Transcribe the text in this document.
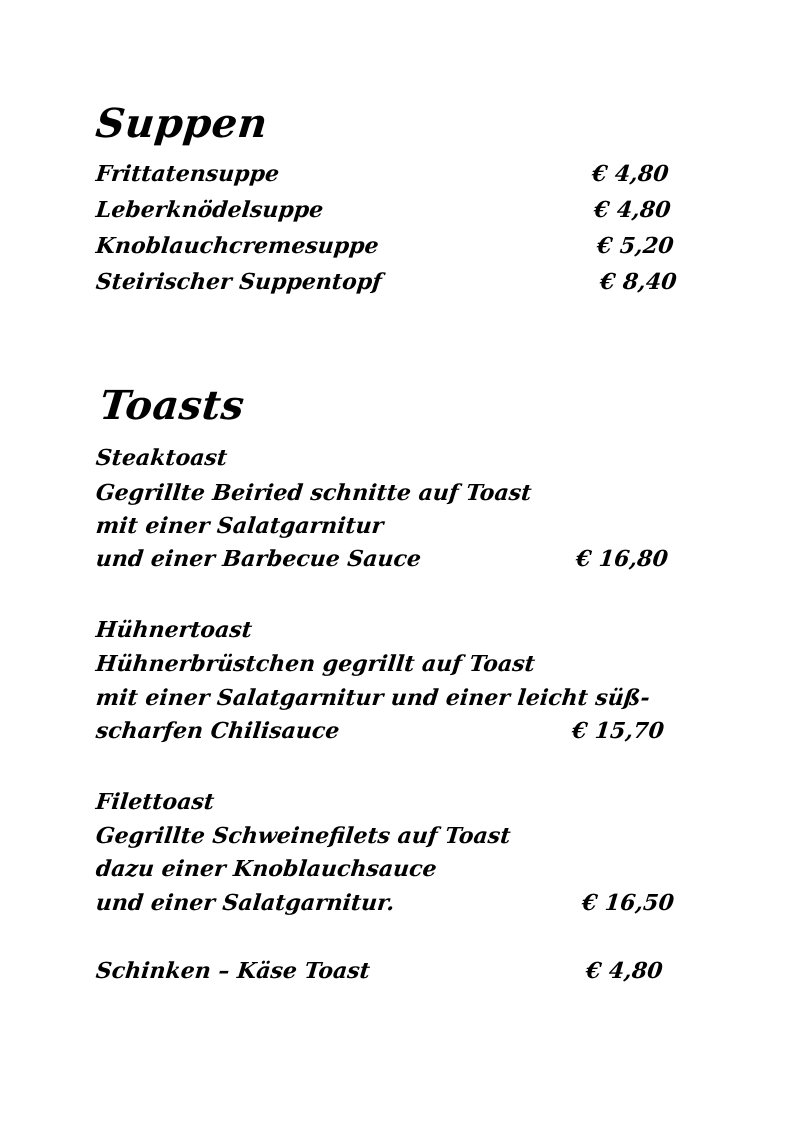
Suppen
Frittatensuppe	€ 4,80
Leberknödelsuppe	€ 4,80
Knoblauchcremesuppe	€ 5,20
Steirischer Suppentopf	€ 8,40
Toasts
Steaktoast
Gegrillte Beiried schnitte auf Toast
mit einer Salatgarnitur
und einer Barbecue Sauce	€ 16,80
Hühnertoast
Hühnerbrüstchen gegrillt auf Toast
mit einer Salatgarnitur und einer leicht süß-
scharfen Chilisauce	€ 15,70
Filettoast
Gegrillte Schweinefilets auf Toast
dazu einer Knoblauchsauce
und einer Salatgarnitur.	€ 16,50
Schinken – Käse Toast	€ 4,80
